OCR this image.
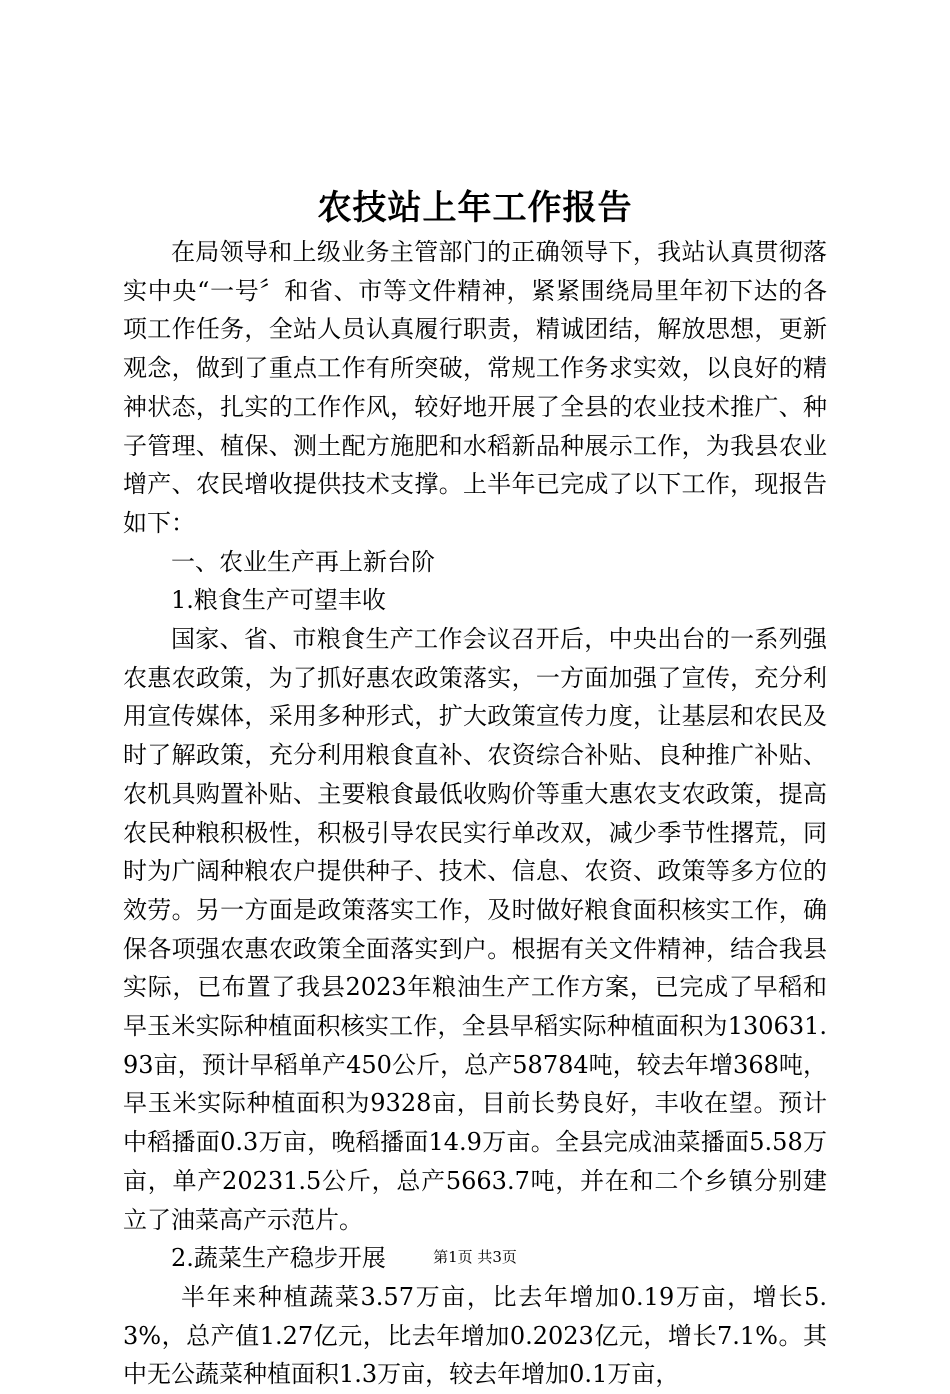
农技站上年工作报告

在局领导和上级业务主管部门的正确领导下，我站认真贯彻落实中央“一号〞和省、市等文件精神，紧紧围绕局里年初下达的各项工作任务，全站人员认真履行职责，精诚团结，解放思想，更新观念，做到了重点工作有所突破，常规工作务求实效，以良好的精神状态，扎实的工作作风，较好地开展了全县的农业技术推广、种子管理、植保、测土配方施肥和水稻新品种展示工作，为我县农业增产、农民增收提供技术支撑。上半年已完成了以下工作，现报告如下：

一、农业生产再上新台阶

1.粮食生产可望丰收

国家、省、市粮食生产工作会议召开后，中央出台的一系列强农惠农政策，为了抓好惠农政策落实，一方面加强了宣传，充分利用宣传媒体，采用多种形式，扩大政策宣传力度，让基层和农民及时了解政策，充分利用粮食直补、农资综合补贴、良种推广补贴、农机具购置补贴、主要粮食最低收购价等重大惠农支农政策，提高农民种粮积极性，积极引导农民实行单改双，减少季节性撂荒，同时为广阔种粮农户提供种子、技术、信息、农资、政策等多方位的效劳。另一方面是政策落实工作，及时做好粮食面积核实工作，确保各项强农惠农政策全面落实到户。根据有关文件精神，结合我县实际，已布置了我县2023年粮油生产工作方案，已完成了早稻和早玉米实际种植面积核实工作，全县早稻实际种植面积为130631.93亩，预计早稻单产450公斤，总产58784吨，较去年增368吨，早玉米实际种植面积为9328亩，目前长势良好，丰收在望。预计中稻播面0.3万亩，晚稻播面14.9万亩。全县完成油菜播面5.58万亩，单产20231.5公斤，总产5663.7吨，并在和二个乡镇分别建立了油菜高产示范片。

2.蔬菜生产稳步开展

半年来种植蔬菜3.57万亩，比去年增加0.19万亩，增长5.3%，总产值1.27亿元，比去年增加0.2023亿元，增长7.1%。其中无公蔬菜种植面积1.3万亩，较去年增加0.1万亩，

第1页 共3页
